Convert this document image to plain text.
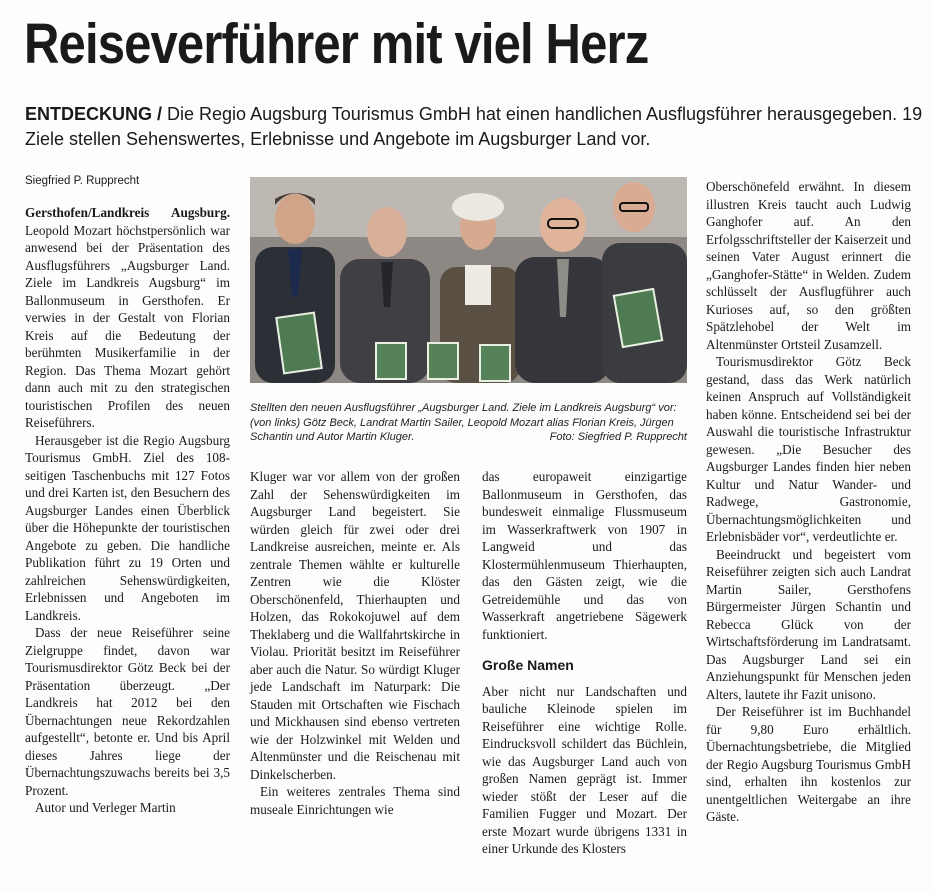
Reiseverführer mit viel Herz
ENTDECKUNG / Die Regio Augsburg Tourismus GmbH hat einen handlichen Ausflugsführer herausgegeben. 19 Ziele stellen Sehenswertes, Erlebnisse und Angebote im Augsburger Land vor.
Siegfried P. Rupprecht
Stellten den neuen Ausflugsführer „Augsburger Land. Ziele im Landkreis Augsburg“ vor: (von links) Götz Beck, Landrat Martin Sailer, Leopold Mozart alias Florian Kreis, Jürgen Schantin und Autor Martin Kluger.	Foto: Siegfried P. Rupprecht

Gersthofen/Landkreis Augsburg. Leopold Mozart höchstpersönlich war anwesend bei der Präsentation des Ausflugsführers „Augsburger Land. Ziele im Landkreis Augsburg“ im Ballonmuseum in Gersthofen. Er verwies in der Gestalt von Florian Kreis auf die Bedeutung der berühmten Musikerfamilie in der Region. Das Thema Mozart gehört dann auch mit zu den strategischen touristischen Profilen des neuen Reiseführers.

Herausgeber ist die Regio Augsburg Tourismus GmbH. Ziel des 108-seitigen Taschenbuchs mit 127 Fotos und drei Karten ist, den Besuchern des Augsburger Landes einen Überblick über die Höhepunkte der touristischen Angebote zu geben. Die handliche Publikation führt zu 19 Orten und zahlreichen Sehenswürdigkeiten, Erlebnissen und Angeboten im Landkreis.

Dass der neue Reiseführer seine Zielgruppe findet, davon war Tourismusdirektor Götz Beck bei der Präsentation überzeugt. „Der Landkreis hat 2012 bei den Übernachtungen neue Rekordzahlen aufgestellt“, betonte er. Und bis April dieses Jahres liege der Übernachtungszuwachs bereits bei 3,5 Prozent.

Autor und Verleger Martin

Kluger war vor allem von der großen Zahl der Sehenswürdigkeiten im Augsburger Land begeistert. Sie würden gleich für zwei oder drei Landkreise ausreichen, meinte er. Als zentrale Themen wählte er kulturelle Zentren wie die Klöster Oberschönenfeld, Thierhaupten und Holzen, das Rokokojuwel auf dem Theklaberg und die Wallfahrtskirche in Violau. Priorität besitzt im Reiseführer aber auch die Natur. So würdigt Kluger jede Landschaft im Naturpark: Die Stauden mit Ortschaften wie Fischach und Mickhausen sind ebenso vertreten wie der Holzwinkel mit Welden und Altenmünster und die Reischenau mit Dinkelscherben.

Ein weiteres zentrales Thema sind museale Einrichtungen wie

das europaweit einzigartige Ballonmuseum in Gersthofen, das bundesweit einmalige Flussmuseum im Wasserkraftwerk von 1907 in Langweid und das Klostermühlenmuseum Thierhaupten, das den Gästen zeigt, wie die Getreidemühle und das von Wasserkraft angetriebene Sägewerk funktioniert.

Große Namen

Aber nicht nur Landschaften und bauliche Kleinode spielen im Reiseführer eine wichtige Rolle. Eindrucksvoll schildert das Büchlein, wie das Augsburger Land auch von großen Namen geprägt ist. Immer wieder stößt der Leser auf die Familien Fugger und Mozart. Der erste Mozart wurde übrigens 1331 in einer Urkunde des Klosters

Oberschönefeld erwähnt. In diesem illustren Kreis taucht auch Ludwig Ganghofer auf. An den Erfolgsschriftsteller der Kaiserzeit und seinen Vater August erinnert die „Ganghofer-Stätte“ in Welden. Zudem schlüsselt der Ausflugführer auch Kurioses auf, so den größten Spätzlehobel der Welt im Altenmünster Ortsteil Zusamzell.

Tourismusdirektor Götz Beck gestand, dass das Werk natürlich keinen Anspruch auf Vollständigkeit haben könne. Entscheidend sei bei der Auswahl die touristische Infrastruktur gewesen. „Die Besucher des Augsburger Landes finden hier neben Kultur und Natur Wander- und Radwege, Gastronomie, Übernachtungsmöglichkeiten und Erlebnisbäder vor“, verdeutlichte er.

Beeindruckt und begeistert vom Reiseführer zeigten sich auch Landrat Martin Sailer, Gersthofens Bürgermeister Jürgen Schantin und Rebecca Glück von der Wirtschaftsförderung im Landratsamt. Das Augsburger Land sei ein Anziehungspunkt für Menschen jeden Alters, lautete ihr Fazit unisono.

Der Reiseführer ist im Buchhandel für 9,80 Euro erhältlich. Übernachtungsbetriebe, die Mitglied der Regio Augsburg Tourismus GmbH sind, erhalten ihn kostenlos zur unentgeltlichen Weitergabe an ihre Gäste.
